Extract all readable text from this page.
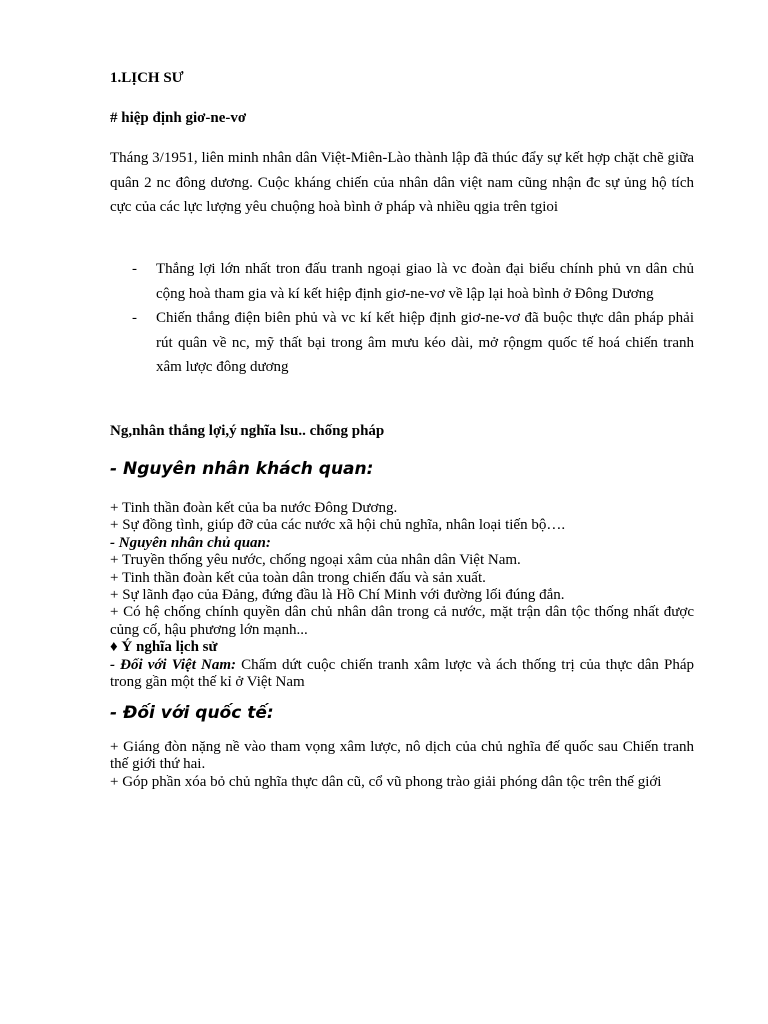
1.LỊCH SƯ
# hiệp định giơ-ne-vơ
Tháng 3/1951, liên minh nhân dân Việt-Miên-Lào thành lập đã thúc đẩy sự kết hợp chặt chẽ giữa quân 2 nc đông dương. Cuộc kháng chiến của nhân dân việt nam cũng nhận đc sự ủng hộ tích cực của các lực lượng yêu chuộng hoà bình ở pháp và nhiều qgia trên tgioi
- Thắng lợi lớn nhất tron đấu tranh ngoại giao là vc đoàn đại biểu chính phủ vn dân chủ cộng hoà tham gia và kí kết hiệp định giơ-ne-vơ về lập lại hoà bình ở Đông Dương
- Chiến thắng điện biên phủ và vc kí kết hiệp định giơ-ne-vơ đã buộc thực dân pháp phải rút quân về nc, mỹ thất bại trong âm mưu kéo dài, mở rộngm quốc tế hoá chiến tranh xâm lược đông dương
Ng,nhân thắng lợi,ý nghĩa lsu.. chống pháp
- Nguyên nhân khách quan:
+ Tinh thần đoàn kết của ba nước Đông Dương.
+ Sự đồng tình, giúp đỡ của các nước xã hội chủ nghĩa, nhân loại tiến bộ….
- Nguyên nhân chủ quan:
+ Truyền thống yêu nước, chống ngoại xâm của nhân dân Việt Nam.
+ Tinh thần đoàn kết của toàn dân trong chiến đấu và sản xuất.
+ Sự lãnh đạo của Đảng, đứng đầu là Hồ Chí Minh với đường lối đúng đắn.
+ Có hệ chống chính quyền dân chủ nhân dân trong cả nước, mặt trận dân tộc thống nhất được củng cố, hậu phương lớn mạnh...
♦ Ý nghĩa lịch sử
- Đối với Việt Nam: Chấm dứt cuộc chiến tranh xâm lược và ách thống trị của thực dân Pháp trong gần một thế kỉ ở Việt Nam
- Đối với quốc tế:
+ Giáng đòn nặng nề vào tham vọng xâm lược, nô dịch của chủ nghĩa đế quốc sau Chiến tranh thế giới thứ hai.
+ Góp phần xóa bỏ chủ nghĩa thực dân cũ, cổ vũ phong trào giải phóng dân tộc trên thế giới
